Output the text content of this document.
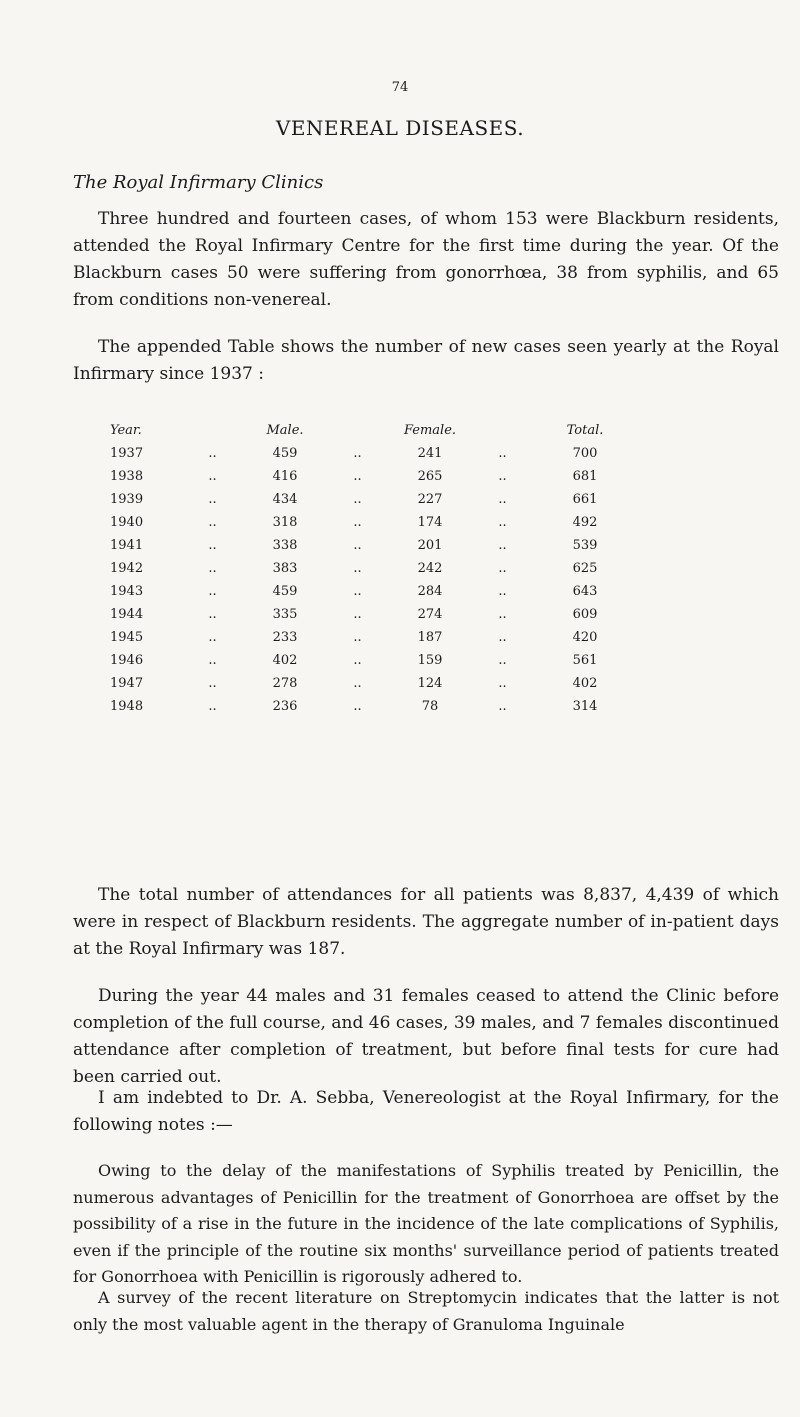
74
VENEREAL DISEASES.
The Royal Infirmary Clinics

Three hundred and fourteen cases, of whom 153 were Blackburn residents, attended the Royal Infirmary Centre for the first time during the year. Of the Blackburn cases 50 were suffering from gonorrhœa, 38 from syphilis, and 65 from conditions non-venereal.

The appended Table shows the number of new cases seen yearly at the Royal Infirmary since 1937 :

Year.		Male.		Female.		Total.
1937	..	459	..	241	..	700
1938	..	416	..	265	..	681
1939	..	434	..	227	..	661
1940	..	318	..	174	..	492
1941	..	338	..	201	..	539
1942	..	383	..	242	..	625
1943	..	459	..	284	..	643
1944	..	335	..	274	..	609
1945	..	233	..	187	..	420
1946	..	402	..	159	..	561
1947	..	278	..	124	..	402
1948	..	236	..	78	..	314

The total number of attendances for all patients was 8,837, 4,439 of which were in respect of Blackburn residents. The aggregate number of in-patient days at the Royal Infirmary was 187.

During the year 44 males and 31 females ceased to attend the Clinic before completion of the full course, and 46 cases, 39 males, and 7 females discontinued attendance after completion of treatment, but before final tests for cure had been carried out.

I am indebted to Dr. A. Sebba, Venereologist at the Royal Infirmary, for the following notes :—

Owing to the delay of the manifestations of Syphilis treated by Penicillin, the numerous advantages of Penicillin for the treatment of Gonorrhoea are offset by the possibility of a rise in the future in the incidence of the late complications of Syphilis, even if the principle of the routine six months' surveillance period of patients treated for Gonorrhoea with Penicillin is rigorously adhered to.

A survey of the recent literature on Streptomycin indicates that the latter is not only the most valuable agent in the therapy of Granuloma Inguinale
